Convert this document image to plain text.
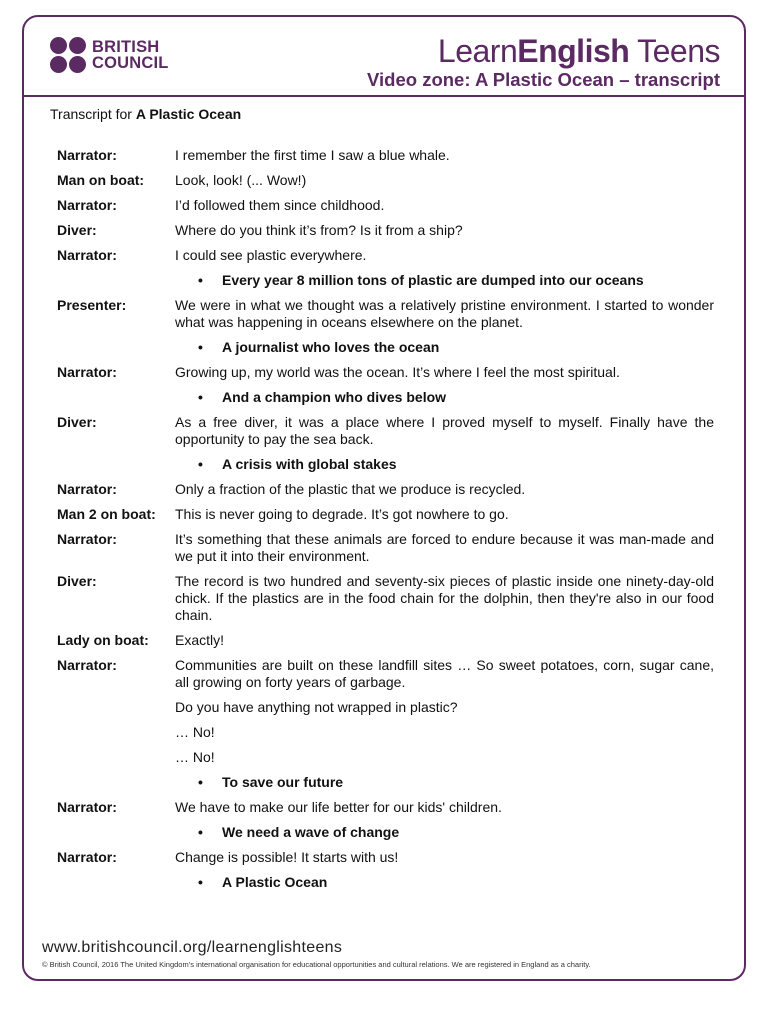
BRITISH
COUNCIL	LearnEnglish Teens
Video zone: A Plastic Ocean – transcript
Transcript for A Plastic Ocean
Narrator:	I remember the first time I saw a blue whale.
Man on boat:	Look, look! (... Wow!)
Narrator:	I’d followed them since childhood.
Diver:	Where do you think it’s from? Is it from a ship?
Narrator:	I could see plastic everywhere.
•	Every year 8 million tons of plastic are dumped into our oceans
Presenter:	We were in what we thought was a relatively pristine environment. I started to wonder what was happening in oceans elsewhere on the planet.
•	A journalist who loves the ocean
Narrator:	Growing up, my world was the ocean. It’s where I feel the most spiritual.
•	And a champion who dives below
Diver:	As a free diver, it was a place where I proved myself to myself. Finally have the opportunity to pay the sea back.
•	A crisis with global stakes
Narrator:	Only a fraction of the plastic that we produce is recycled.
Man 2 on boat:	This is never going to degrade. It’s got nowhere to go.
Narrator:	It’s something that these animals are forced to endure because it was man-made and we put it into their environment.
Diver:	The record is two hundred and seventy-six pieces of plastic inside one ninety-day-old chick. If the plastics are in the food chain for the dolphin, then they're also in our food chain.
Lady on boat:	Exactly!
Narrator:	Communities are built on these landfill sites … So sweet potatoes, corn, sugar cane, all growing on forty years of garbage.
Do you have anything not wrapped in plastic?
… No!
… No!
•	To save our future
Narrator:	We have to make our life better for our kids' children.
•	We need a wave of change
Narrator:	Change is possible! It starts with us!
•	A Plastic Ocean
www.britishcouncil.org/learnenglishteens
© British Council, 2016 The United Kingdom’s international organisation for educational opportunities and cultural relations. We are registered in England as a charity.
